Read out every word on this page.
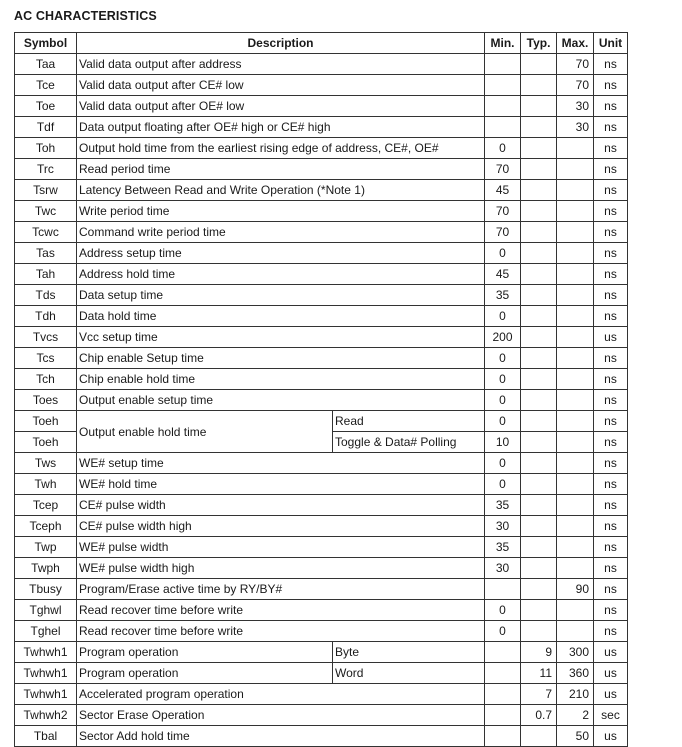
AC CHARACTERISTICS
Symbol	Description		Min.	Typ.	Max.	Unit
Taa	Valid data output after address				70	ns
Tce	Valid data output after CE# low				70	ns
Toe	Valid data output after OE# low				30	ns
Tdf	Data output floating after OE# high or CE# high				30	ns
Toh	Output hold time from the earliest rising edge of address, CE#, OE#		0			ns
Trc	Read period time		70			ns
Tsrw	Latency Between Read and Write Operation (*Note 1)		45			ns
Twc	Write period time		70			ns
Tcwc	Command write period time		70			ns
Tas	Address setup time		0			ns
Tah	Address hold time		45			ns
Tds	Data setup time		35			ns
Tdh	Data hold time		0			ns
Tvcs	Vcc setup time		200			us
Tcs	Chip enable Setup time		0			ns
Tch	Chip enable hold time		0			ns
Toes	Output enable setup time		0			ns
Toeh	Output enable hold time	Read	0			ns
Toeh		Toggle & Data# Polling	10			ns
Tws	WE# setup time		0			ns
Twh	WE# hold time		0			ns
Tcep	CE# pulse width		35			ns
Tceph	CE# pulse width high		30			ns
Twp	WE# pulse width		35			ns
Twph	WE# pulse width high		30			ns
Tbusy	Program/Erase active time by RY/BY#				90	ns
Tghwl	Read recover time before write		0			ns
Tghel	Read recover time before write		0			ns
Twhwh1	Program operation	Byte		9	300	us
Twhwh1	Program operation	Word		11	360	us
Twhwh1	Accelerated program operation			7	210	us
Twhwh2	Sector Erase Operation			0.7	2	sec
Tbal	Sector Add hold time				50	us
